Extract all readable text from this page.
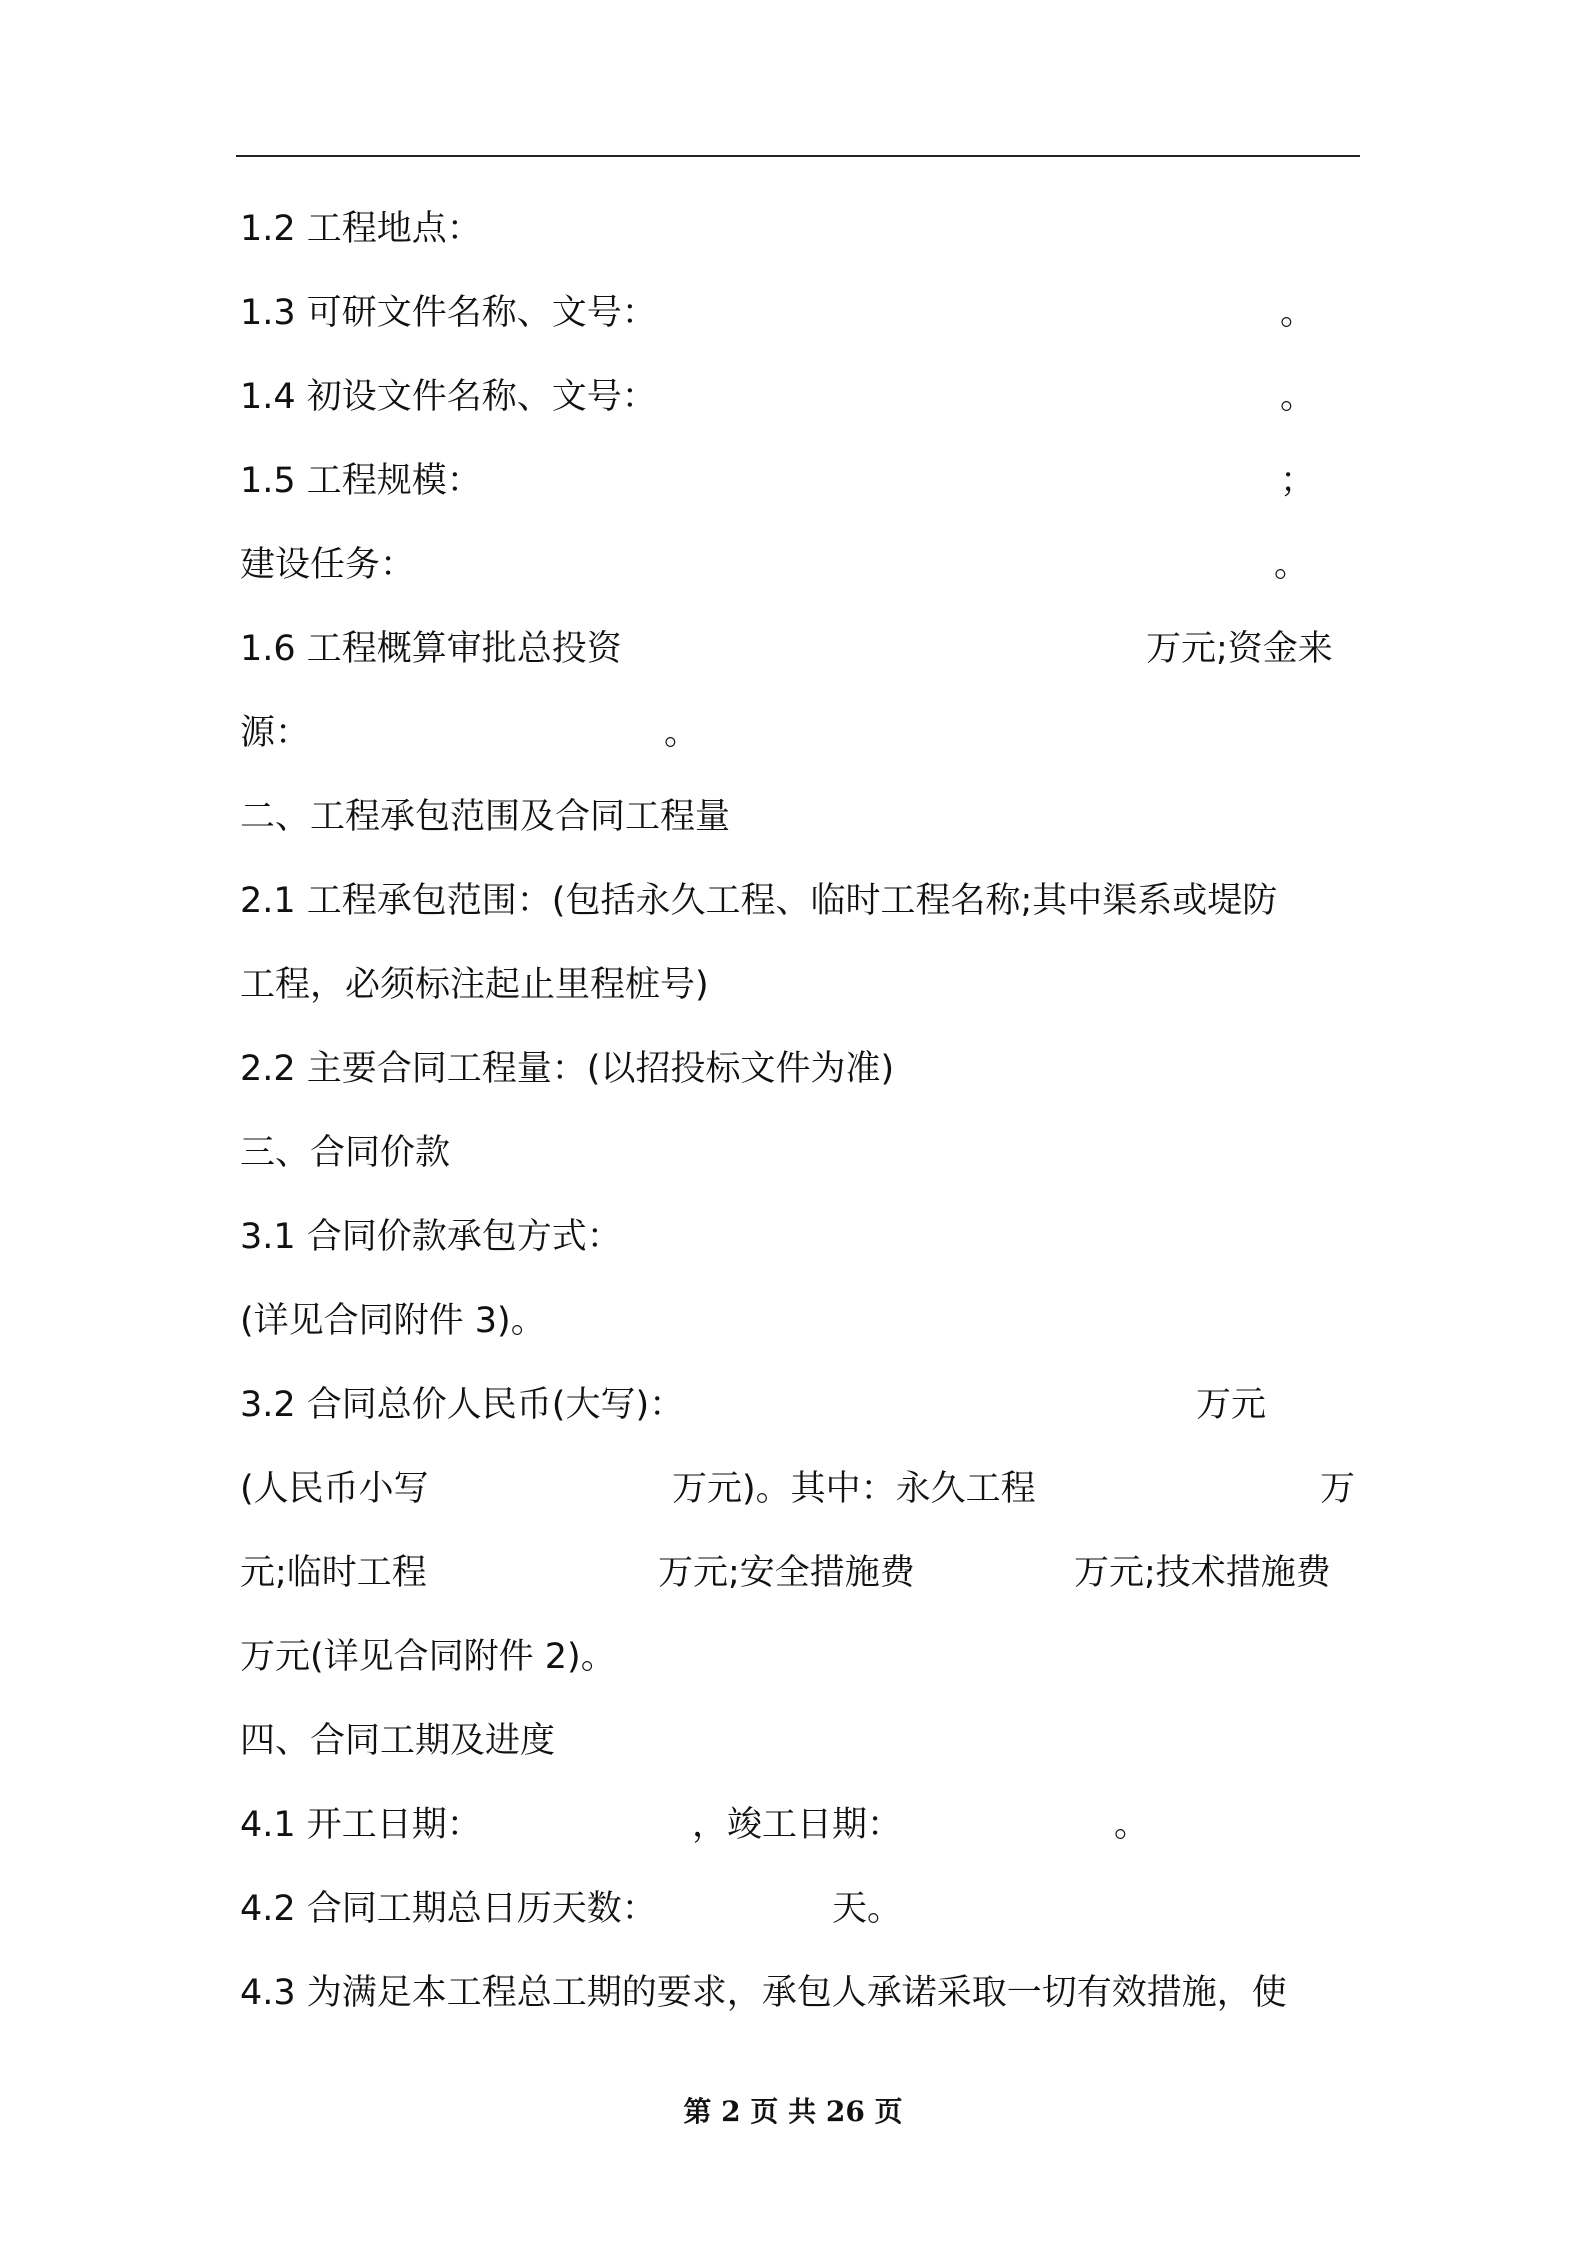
1.2 工程地点：
1.3 可研文件名称、文号：	。
1.4 初设文件名称、文号：	。
1.5 工程规模：	；
建设任务：	。
1.6 工程概算审批总投资	万元;资金来
源：	。
二、工程承包范围及合同工程量
2.1 工程承包范围：(包括永久工程、临时工程名称;其中渠系或堤防
工程，必须标注起止里程桩号)
2.2 主要合同工程量：(以招投标文件为准)
三、合同价款
3.1 合同价款承包方式：
(详见合同附件 3)。
3.2 合同总价人民币(大写)：	万元
(人民币小写	万元)。其中：永久工程	万
元;临时工程	万元;安全措施费	万元;技术措施费
万元(详见合同附件 2)。
四、合同工期及进度
4.1 开工日期：	，竣工日期：	。
4.2 合同工期总日历天数：	天。
4.3 为满足本工程总工期的要求，承包人承诺采取一切有效措施，使
第 2 页 共 26 页
